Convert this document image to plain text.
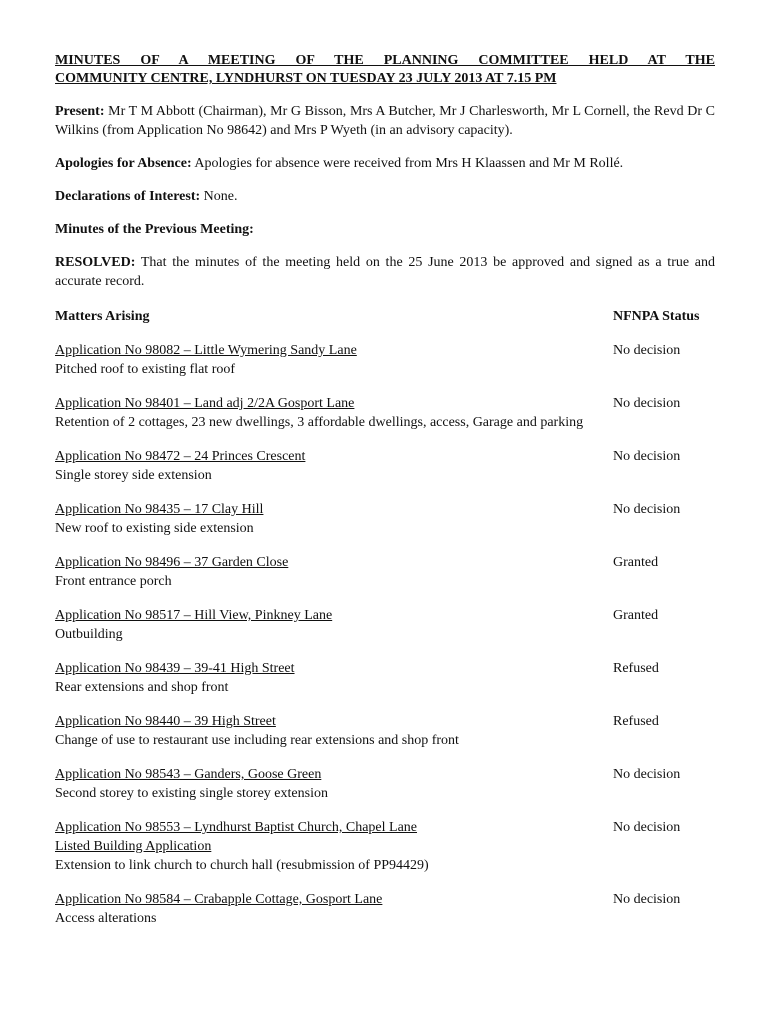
MINUTES OF A MEETING OF THE PLANNING COMMITTEE HELD AT THE
COMMUNITY CENTRE, LYNDHURST ON TUESDAY 23 JULY 2013 AT 7.15 PM

Present: Mr T M Abbott (Chairman), Mr G Bisson, Mrs A Butcher, Mr J Charlesworth, Mr L Cornell, the Revd Dr C Wilkins (from Application No 98642) and Mrs P Wyeth (in an advisory capacity).

Apologies for Absence: Apologies for absence were received from Mrs H Klaassen and Mr M Rollé.

Declarations of Interest: None.

Minutes of the Previous Meeting:

RESOLVED: That the minutes of the meeting held on the 25 June 2013 be approved and signed as a true and accurate record.

Matters Arising	NFNPA Status
Application No 98082 – Little Wymering Sandy Lane
Pitched roof to existing flat roof
No decision
Application No 98401 – Land adj 2/2A Gosport Lane
Retention of 2 cottages, 23 new dwellings, 3 affordable dwellings, access, Garage and parking
No decision
Application No 98472 – 24 Princes Crescent
Single storey side extension
No decision
Application No 98435 – 17 Clay Hill
New roof to existing side extension
No decision
Application No 98496 – 37 Garden Close
Front entrance porch
Granted
Application No 98517 – Hill View, Pinkney Lane
Outbuilding
Granted
Application No 98439 – 39-41 High Street
Rear extensions and shop front
Refused
Application No 98440 – 39 High Street
Change of use to restaurant use including rear extensions and shop front
Refused
Application No 98543 – Ganders, Goose Green
Second storey to existing single storey extension
No decision
Application No 98553 – Lyndhurst Baptist Church, Chapel Lane
Listed Building Application
Extension to link church to church hall (resubmission of PP94429)
No decision
Application No 98584 – Crabapple Cottage, Gosport Lane
Access alterations
No decision
